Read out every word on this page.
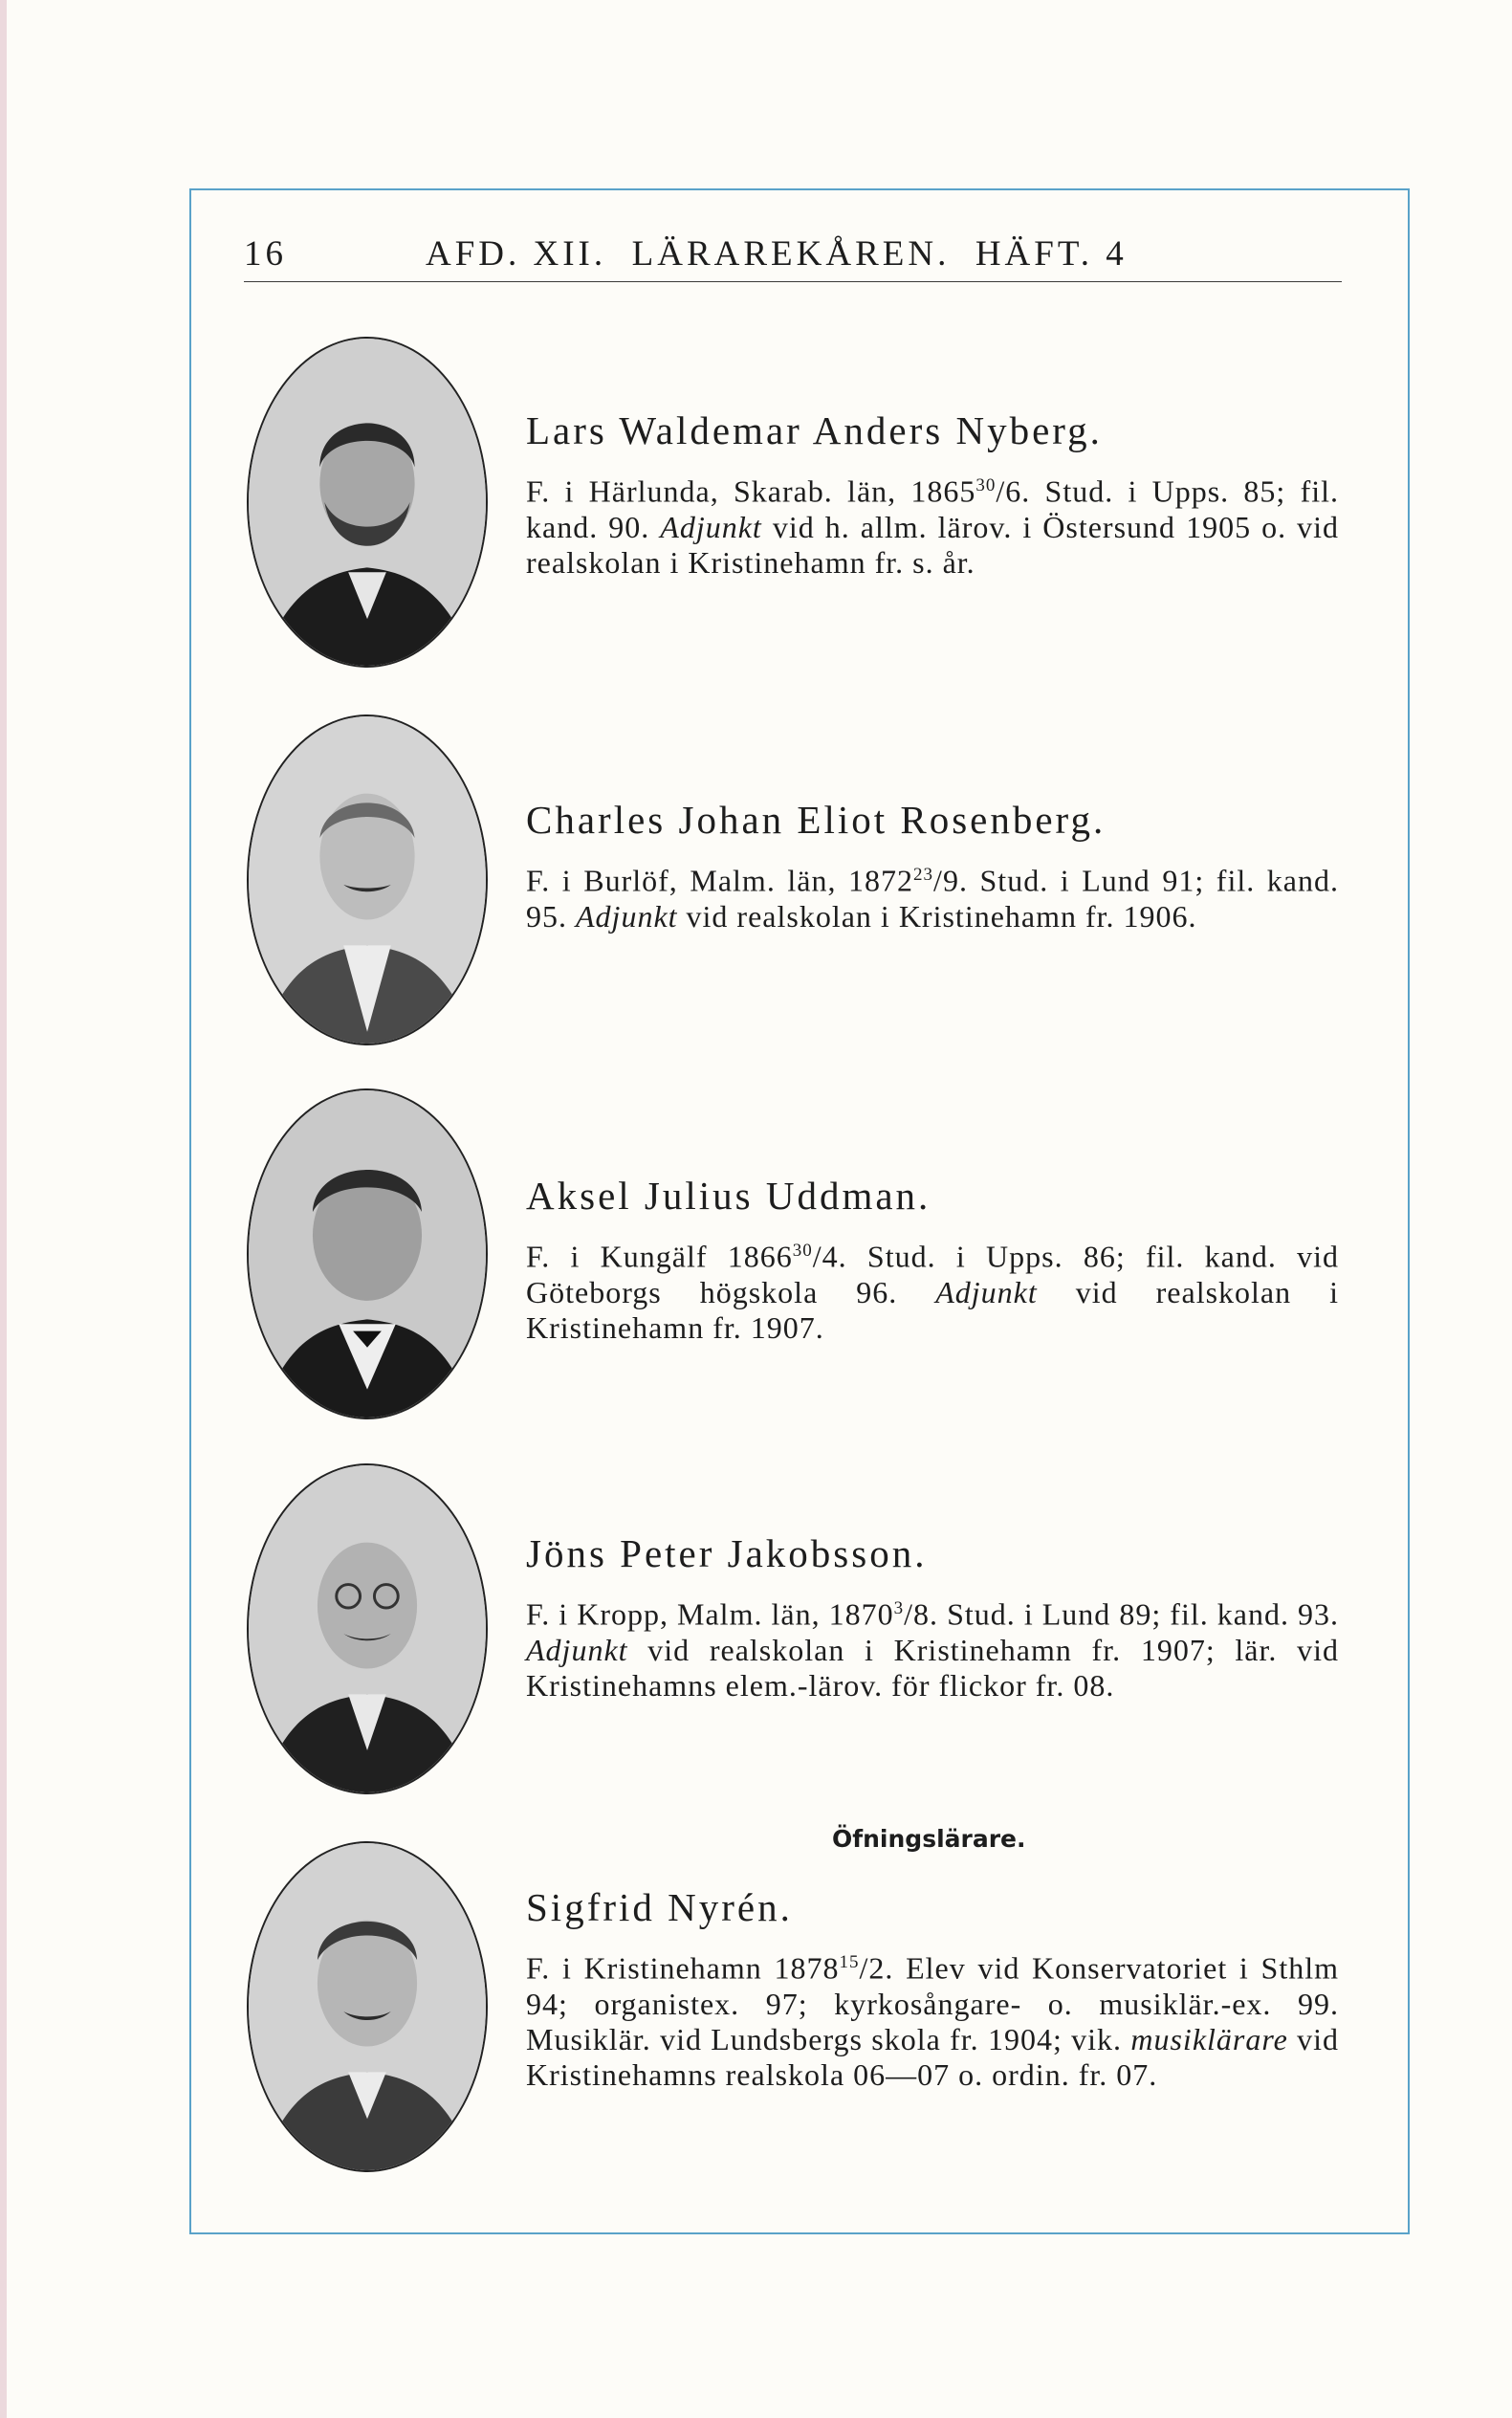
16	AFD. XII.  LÄRAREKÅREN.  HÄFT. 4
Lars Waldemar Anders Nyberg.

F. i Härlunda, Skarab. län, 1865$^{30}$/6. Stud. i Upps. 85; fil. kand. 90. Adjunkt vid h. allm. lärov. i Östersund 1905 o. vid realskolan i Kristinehamn fr. s. år.

Charles Johan Eliot Rosenberg.

F. i Burlöf, Malm. län, 1872$^{23}$/9. Stud. i Lund 91; fil. kand. 95. Adjunkt vid realskolan i Kristinehamn fr. 1906.

Aksel Julius Uddman.

F. i Kungälf 1866$^{30}$/4. Stud. i Upps. 86; fil. kand. vid Göteborgs högskola 96. Adjunkt vid realskolan i Kristinehamn fr. 1907.

Jöns Peter Jakobsson.

F. i Kropp, Malm. län, 1870$^3$/8. Stud. i Lund 89; fil. kand. 93. Adjunkt vid realskolan i Kristinehamn fr. 1907; lär. vid Kristinehamns elem.-lärov. för flickor fr. 08.

Öfningslärare.
Sigfrid Nyrén.

F. i Kristinehamn 1878$^{15}$/2. Elev vid Konservatoriet i Sthlm 94; organistex. 97; kyrkosångare- o. musiklär.-ex. 99. Musiklär. vid Lundsbergs skola fr. 1904; vik. musiklärare vid Kristinehamns realskola 06—07 o. ordin. fr. 07.
